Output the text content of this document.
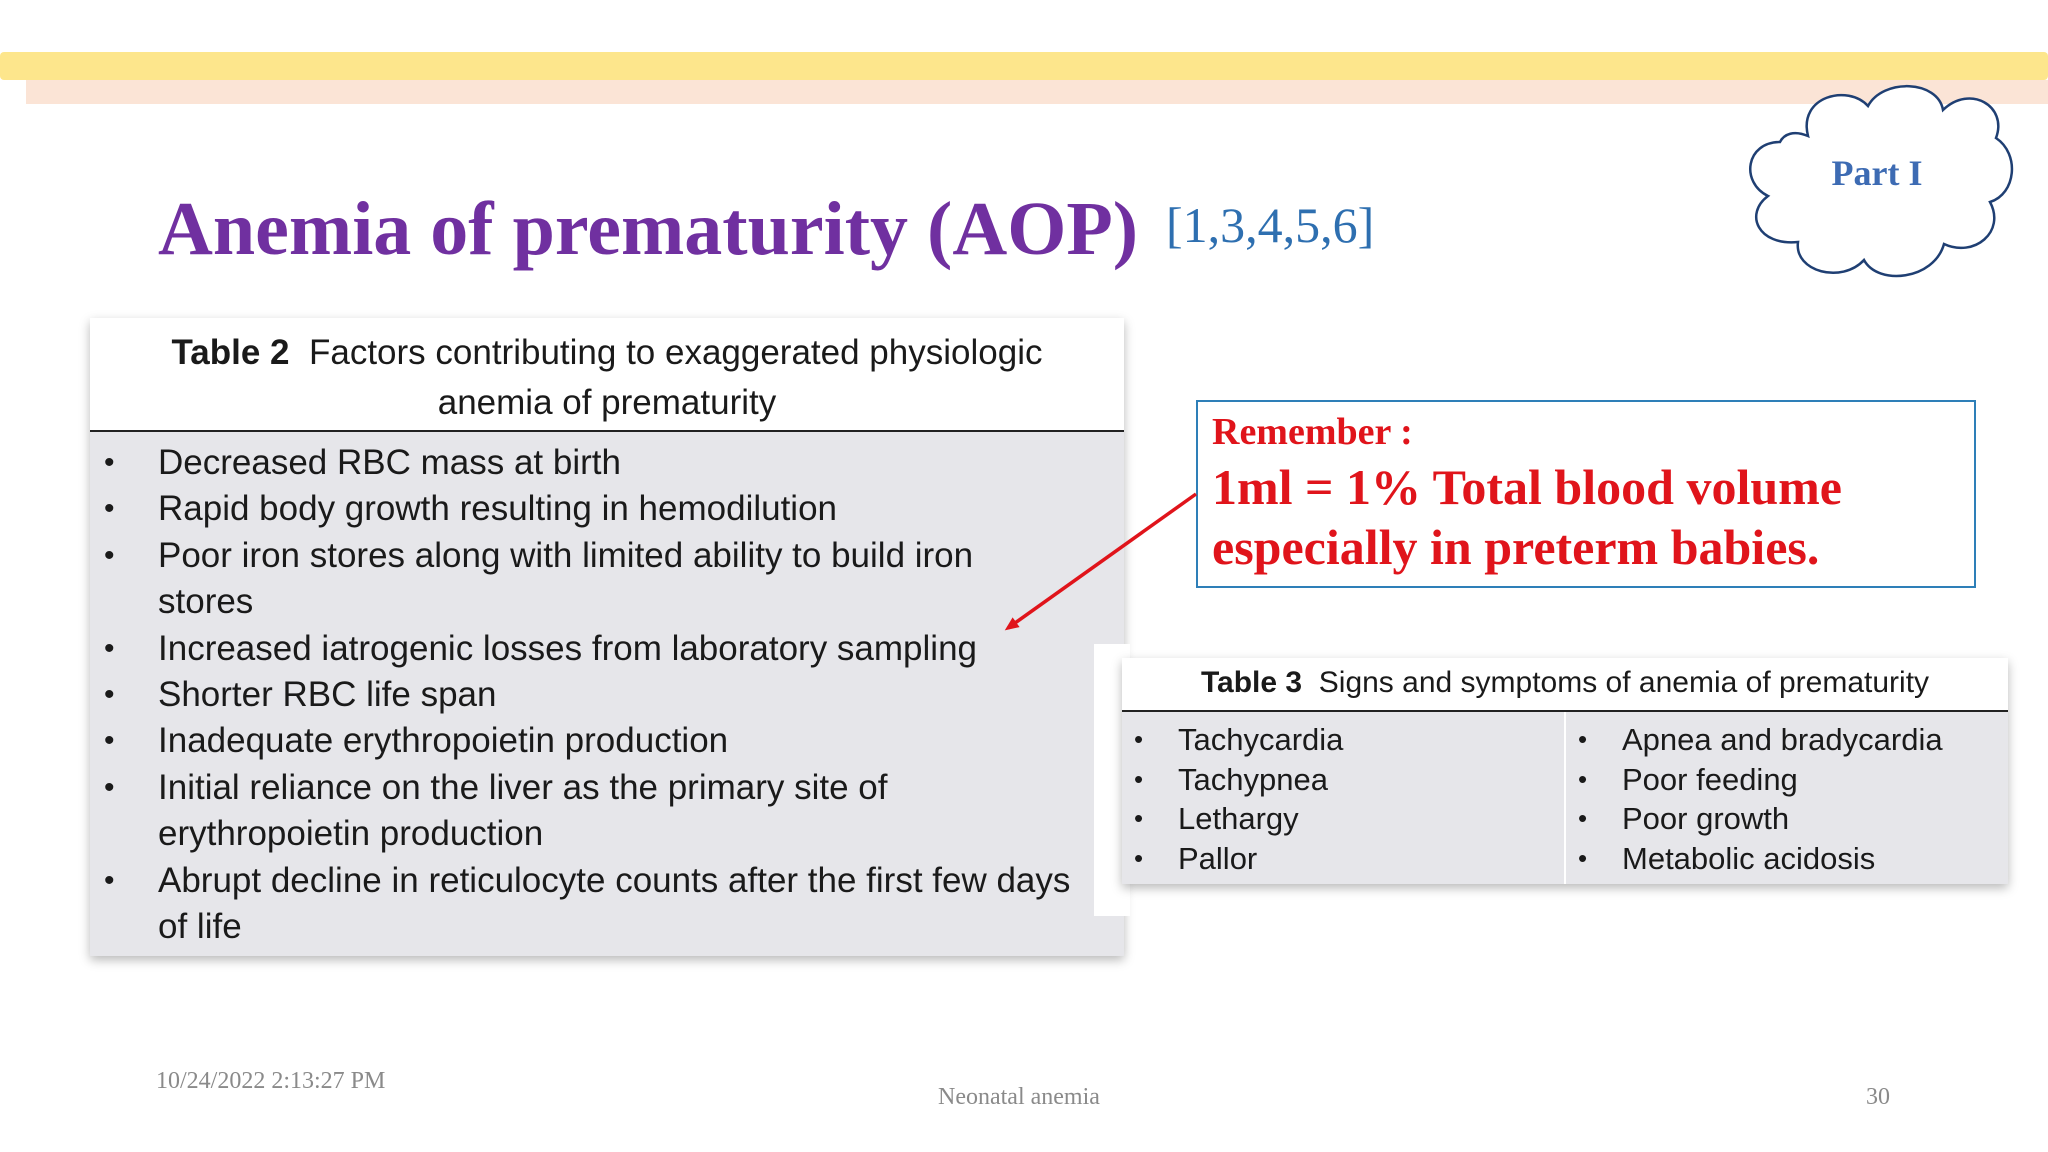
Part I
Anemia of prematurity (AOP) [1,3,4,5,6]
Table 2 Factors contributing to exaggerated physiologic anemia of prematurity
• Decreased RBC mass at birth
• Rapid body growth resulting in hemodilution
• Poor iron stores along with limited ability to build iron
stores
• Increased iatrogenic losses from laboratory sampling
• Shorter RBC life span
• Inadequate erythropoietin production
• Initial reliance on the liver as the primary site of
erythropoietin production
• Abrupt decline in reticulocyte counts after the first few days
of life
Remember :
1ml = 1% Total blood volume
especially in preterm babies.
Table 3 Signs and symptoms of anemia of prematurity
• Tachycardia
• Tachypnea
• Lethargy
• Pallor
• Apnea and bradycardia
• Poor feeding
• Poor growth
• Metabolic acidosis
10/24/2022 2:13:27 PM
Neonatal anemia	30
